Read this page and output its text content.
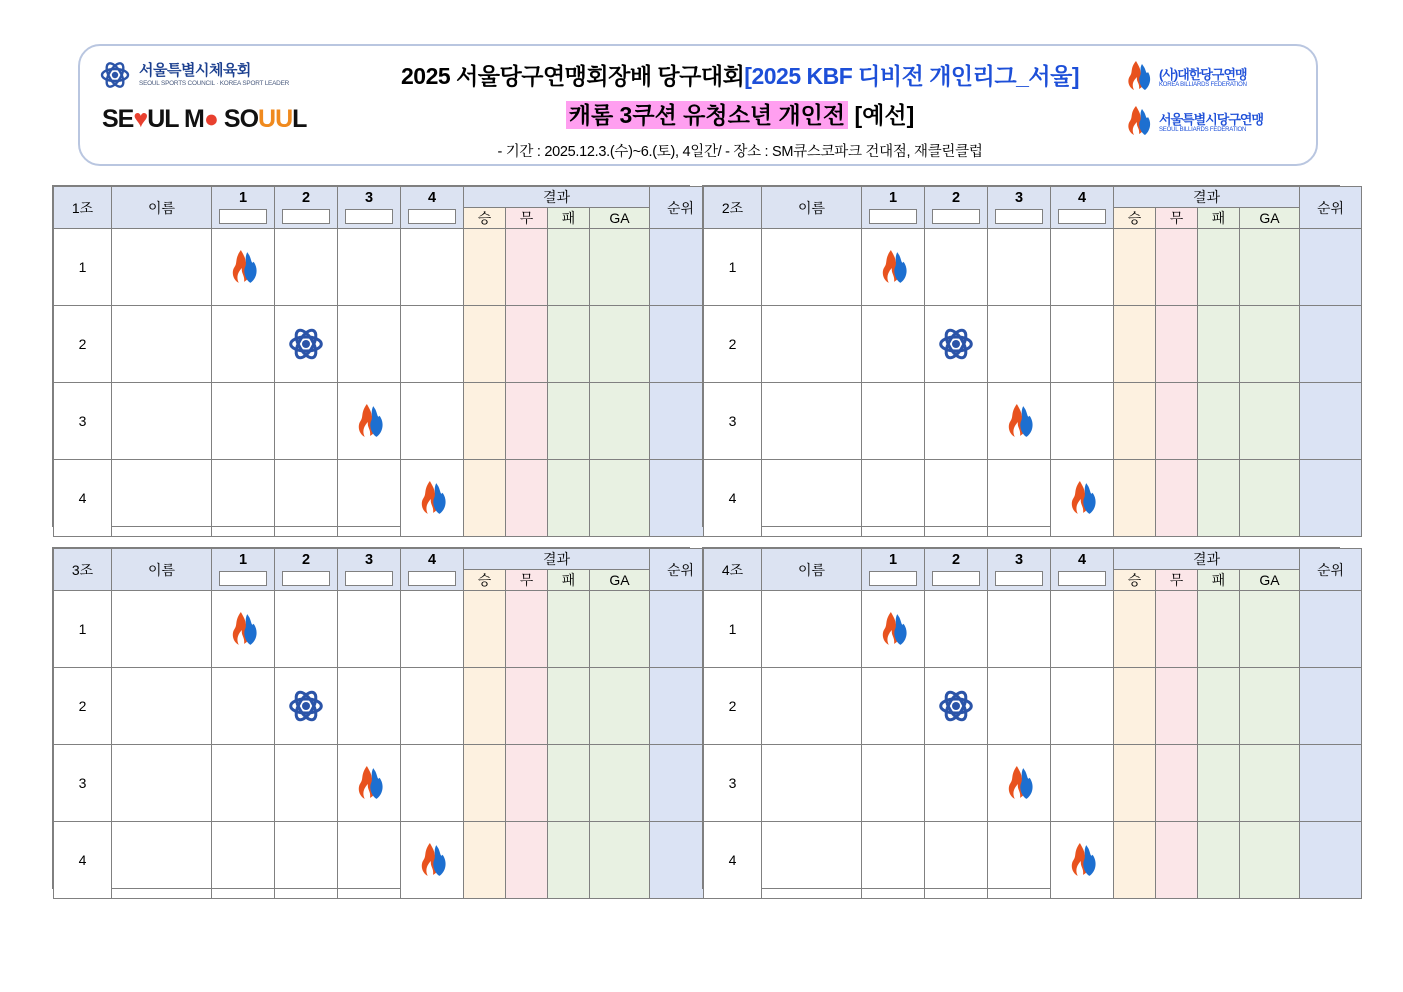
서울특별시체육회
SEOUL SPORTS COUNCIL · KOREA SPORT LEADER
SE♥UL M● SOUUL
2025 서울당구연맹회장배 당구대회[2025 KBF 디비전 개인리그_서울]
캐롬 3쿠션 유청소년 개인전 [예선]
- 기간 : 2025.12.3.(수)~6.(토), 4일간/ - 장소 : SM큐스코파크 건대점, 재클린클럽
(사)대한당구연맹
KOREA BILLIARDS FEDERATION
서울특별시당구연맹
SEOUL BILLIARDS FEDERATION
1조	이름	1	2	3	4	결과				순위
						승	무	패	GA	
1		

2			

3				

4					

2조	이름	1	2	3	4	결과				순위
						승	무	패	GA	
1		

2			

3				

4					

3조	이름	1	2	3	4	결과				순위
						승	무	패	GA	
1		

2			

3				

4					

4조	이름	1	2	3	4	결과				순위
						승	무	패	GA	
1		

2			

3				

4					
